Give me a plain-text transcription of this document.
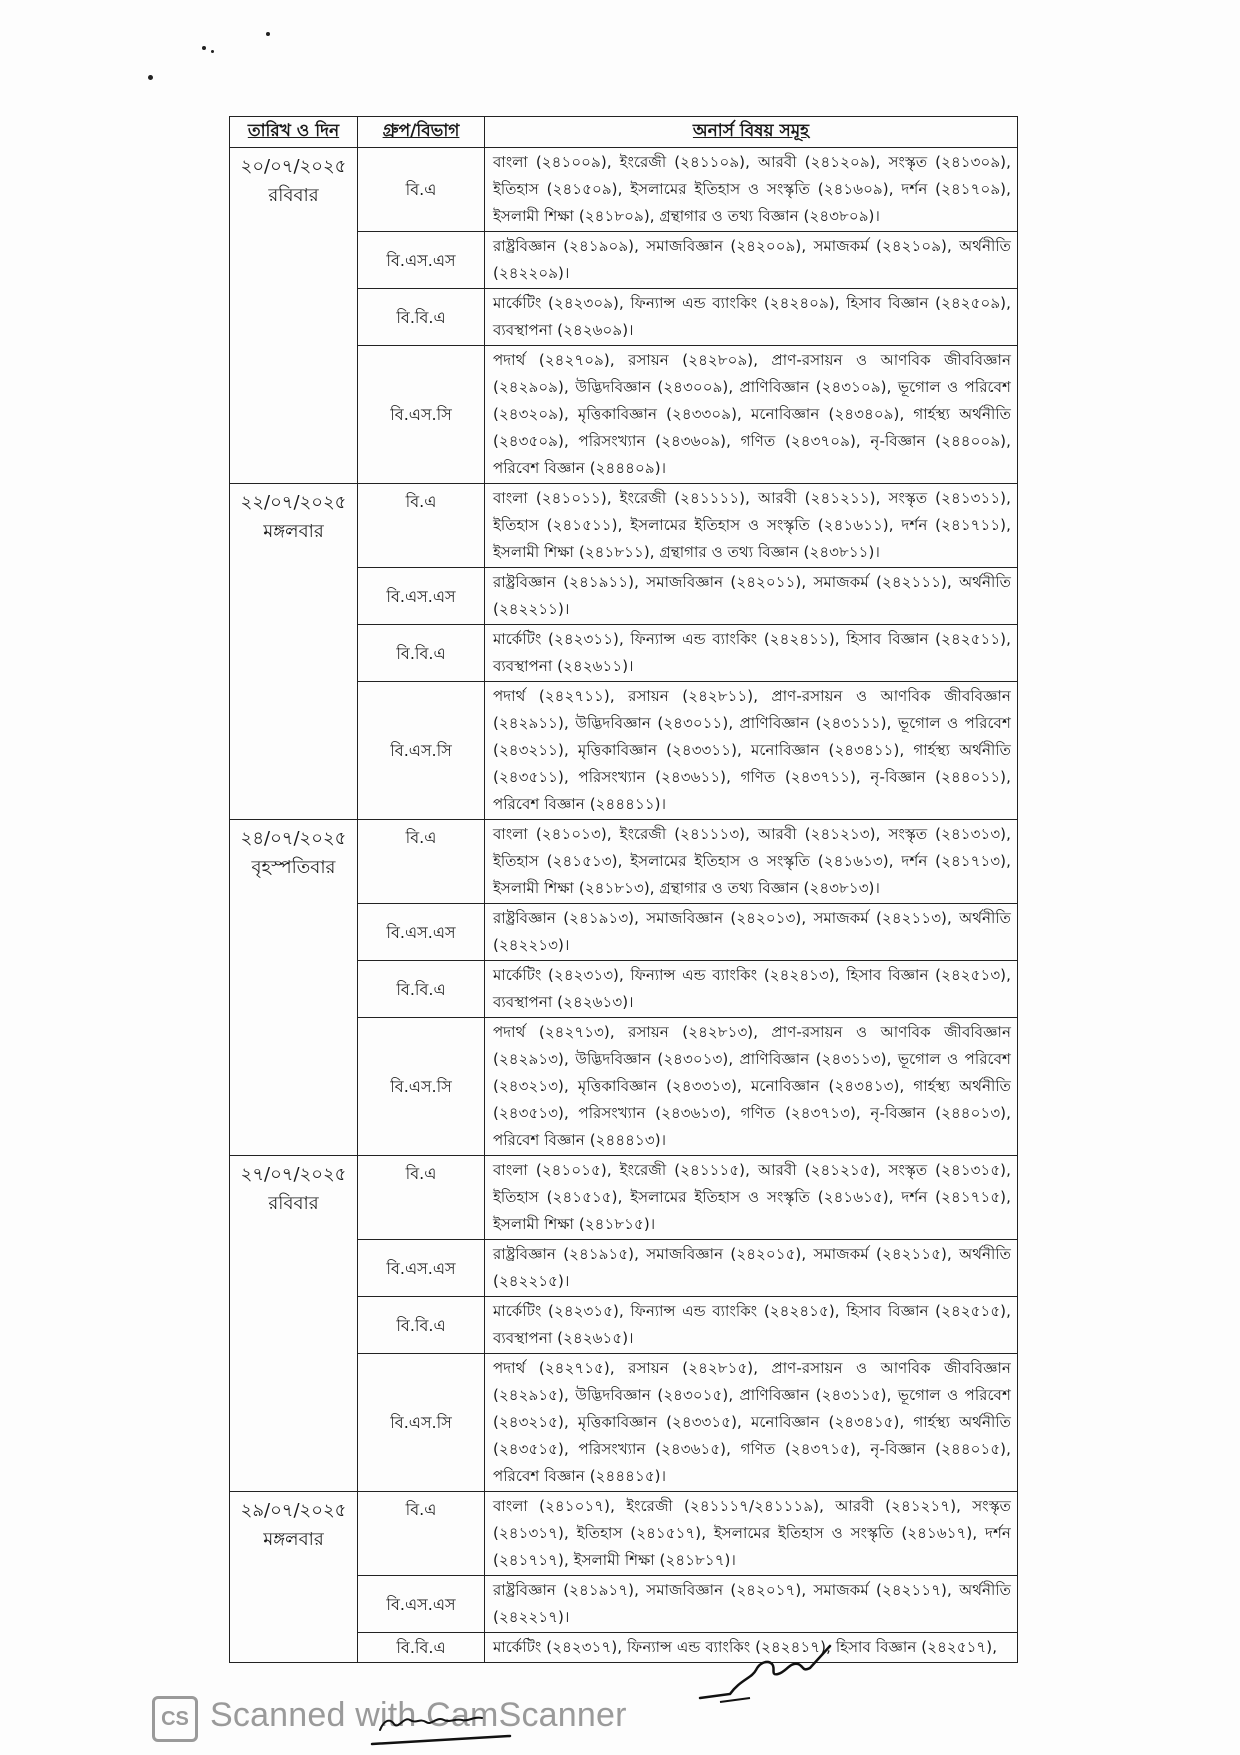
তারিখ ও দিন	গ্রুপ/বিভাগ	অনার্স বিষয় সমূহ

২০/০৭/২০২৫
রবিবার	বি.এ	বাংলা (২৪১০০৯), ইংরেজী (২৪১১০৯), আরবী (২৪১২০৯), সংস্কৃত (২৪১৩০৯), ইতিহাস (২৪১৫০৯), ইসলামের ইতিহাস ও সংস্কৃতি (২৪১৬০৯), দর্শন (২৪১৭০৯), ইসলামী শিক্ষা (২৪১৮০৯), গ্রন্থাগার ও তথ্য বিজ্ঞান (২৪৩৮০৯)।
	বি.এস.এস	রাষ্ট্রবিজ্ঞান (২৪১৯০৯), সমাজবিজ্ঞান (২৪২০০৯), সমাজকর্ম (২৪২১০৯), অর্থনীতি (২৪২২০৯)।
	বি.বি.এ	মার্কেটিং (২৪২৩০৯), ফিন্যান্স এন্ড ব্যাংকিং (২৪২৪০৯), হিসাব বিজ্ঞান (২৪২৫০৯), ব্যবস্থাপনা (২৪২৬০৯)।
	বি.এস.সি	পদার্থ (২৪২৭০৯), রসায়ন (২৪২৮০৯), প্রাণ-রসায়ন ও আণবিক জীববিজ্ঞান (২৪২৯০৯), উদ্ভিদবিজ্ঞান (২৪৩০০৯), প্রাণিবিজ্ঞান (২৪৩১০৯), ভূগোল ও পরিবেশ (২৪৩২০৯), মৃত্তিকাবিজ্ঞান (২৪৩৩০৯), মনোবিজ্ঞান (২৪৩৪০৯), গার্হস্থ্য অর্থনীতি (২৪৩৫০৯), পরিসংখ্যান (২৪৩৬০৯), গণিত (২৪৩৭০৯), নৃ-বিজ্ঞান (২৪৪০০৯), পরিবেশ বিজ্ঞান (২৪৪৪০৯)।

২২/০৭/২০২৫
মঙ্গলবার	বি.এ	বাংলা (২৪১০১১), ইংরেজী (২৪১১১১), আরবী (২৪১২১১), সংস্কৃত (২৪১৩১১), ইতিহাস (২৪১৫১১), ইসলামের ইতিহাস ও সংস্কৃতি (২৪১৬১১), দর্শন (২৪১৭১১), ইসলামী শিক্ষা (২৪১৮১১), গ্রন্থাগার ও তথ্য বিজ্ঞান (২৪৩৮১১)।
	বি.এস.এস	রাষ্ট্রবিজ্ঞান (২৪১৯১১), সমাজবিজ্ঞান (২৪২০১১), সমাজকর্ম (২৪২১১১), অর্থনীতি (২৪২২১১)।
	বি.বি.এ	মার্কেটিং (২৪২৩১১), ফিন্যান্স এন্ড ব্যাংকিং (২৪২৪১১), হিসাব বিজ্ঞান (২৪২৫১১), ব্যবস্থাপনা (২৪২৬১১)।
	বি.এস.সি	পদার্থ (২৪২৭১১), রসায়ন (২৪২৮১১), প্রাণ-রসায়ন ও আণবিক জীববিজ্ঞান (২৪২৯১১), উদ্ভিদবিজ্ঞান (২৪৩০১১), প্রাণিবিজ্ঞান (২৪৩১১১), ভূগোল ও পরিবেশ (২৪৩২১১), মৃত্তিকাবিজ্ঞান (২৪৩৩১১), মনোবিজ্ঞান (২৪৩৪১১), গার্হস্থ্য অর্থনীতি (২৪৩৫১১), পরিসংখ্যান (২৪৩৬১১), গণিত (২৪৩৭১১), নৃ-বিজ্ঞান (২৪৪০১১), পরিবেশ বিজ্ঞান (২৪৪৪১১)।

২৪/০৭/২০২৫
বৃহস্পতিবার	বি.এ	বাংলা (২৪১০১৩), ইংরেজী (২৪১১১৩), আরবী (২৪১২১৩), সংস্কৃত (২৪১৩১৩), ইতিহাস (২৪১৫১৩), ইসলামের ইতিহাস ও সংস্কৃতি (২৪১৬১৩), দর্শন (২৪১৭১৩), ইসলামী শিক্ষা (২৪১৮১৩), গ্রন্থাগার ও তথ্য বিজ্ঞান (২৪৩৮১৩)।
	বি.এস.এস	রাষ্ট্রবিজ্ঞান (২৪১৯১৩), সমাজবিজ্ঞান (২৪২০১৩), সমাজকর্ম (২৪২১১৩), অর্থনীতি (২৪২২১৩)।
	বি.বি.এ	মার্কেটিং (২৪২৩১৩), ফিন্যান্স এন্ড ব্যাংকিং (২৪২৪১৩), হিসাব বিজ্ঞান (২৪২৫১৩), ব্যবস্থাপনা (২৪২৬১৩)।
	বি.এস.সি	পদার্থ (২৪২৭১৩), রসায়ন (২৪২৮১৩), প্রাণ-রসায়ন ও আণবিক জীববিজ্ঞান (২৪২৯১৩), উদ্ভিদবিজ্ঞান (২৪৩০১৩), প্রাণিবিজ্ঞান (২৪৩১১৩), ভূগোল ও পরিবেশ (২৪৩২১৩), মৃত্তিকাবিজ্ঞান (২৪৩৩১৩), মনোবিজ্ঞান (২৪৩৪১৩), গার্হস্থ্য অর্থনীতি (২৪৩৫১৩), পরিসংখ্যান (২৪৩৬১৩), গণিত (২৪৩৭১৩), নৃ-বিজ্ঞান (২৪৪০১৩), পরিবেশ বিজ্ঞান (২৪৪৪১৩)।

২৭/০৭/২০২৫
রবিবার	বি.এ	বাংলা (২৪১০১৫), ইংরেজী (২৪১১১৫), আরবী (২৪১২১৫), সংস্কৃত (২৪১৩১৫), ইতিহাস (২৪১৫১৫), ইসলামের ইতিহাস ও সংস্কৃতি (২৪১৬১৫), দর্শন (২৪১৭১৫), ইসলামী শিক্ষা (২৪১৮১৫)।
	বি.এস.এস	রাষ্ট্রবিজ্ঞান (২৪১৯১৫), সমাজবিজ্ঞান (২৪২০১৫), সমাজকর্ম (২৪২১১৫), অর্থনীতি (২৪২২১৫)।
	বি.বি.এ	মার্কেটিং (২৪২৩১৫), ফিন্যান্স এন্ড ব্যাংকিং (২৪২৪১৫), হিসাব বিজ্ঞান (২৪২৫১৫), ব্যবস্থাপনা (২৪২৬১৫)।
	বি.এস.সি	পদার্থ (২৪২৭১৫), রসায়ন (২৪২৮১৫), প্রাণ-রসায়ন ও আণবিক জীববিজ্ঞান (২৪২৯১৫), উদ্ভিদবিজ্ঞান (২৪৩০১৫), প্রাণিবিজ্ঞান (২৪৩১১৫), ভূগোল ও পরিবেশ (২৪৩২১৫), মৃত্তিকাবিজ্ঞান (২৪৩৩১৫), মনোবিজ্ঞান (২৪৩৪১৫), গার্হস্থ্য অর্থনীতি (২৪৩৫১৫), পরিসংখ্যান (২৪৩৬১৫), গণিত (২৪৩৭১৫), নৃ-বিজ্ঞান (২৪৪০১৫), পরিবেশ বিজ্ঞান (২৪৪৪১৫)।

২৯/০৭/২০২৫
মঙ্গলবার	বি.এ	বাংলা (২৪১০১৭), ইংরেজী (২৪১১১৭/২৪১১১৯), আরবী (২৪১২১৭), সংস্কৃত (২৪১৩১৭), ইতিহাস (২৪১৫১৭), ইসলামের ইতিহাস ও সংস্কৃতি (২৪১৬১৭), দর্শন (২৪১৭১৭), ইসলামী শিক্ষা (২৪১৮১৭)।
	বি.এস.এস	রাষ্ট্রবিজ্ঞান (২৪১৯১৭), সমাজবিজ্ঞান (২৪২০১৭), সমাজকর্ম (২৪২১১৭), অর্থনীতি (২৪২২১৭)।
	বি.বি.এ	মার্কেটিং (২৪২৩১৭), ফিন্যান্স এন্ড ব্যাংকিং (২৪২৪১৭), হিসাব বিজ্ঞান (২৪২৫১৭),
CS Scanned with CamScanner
